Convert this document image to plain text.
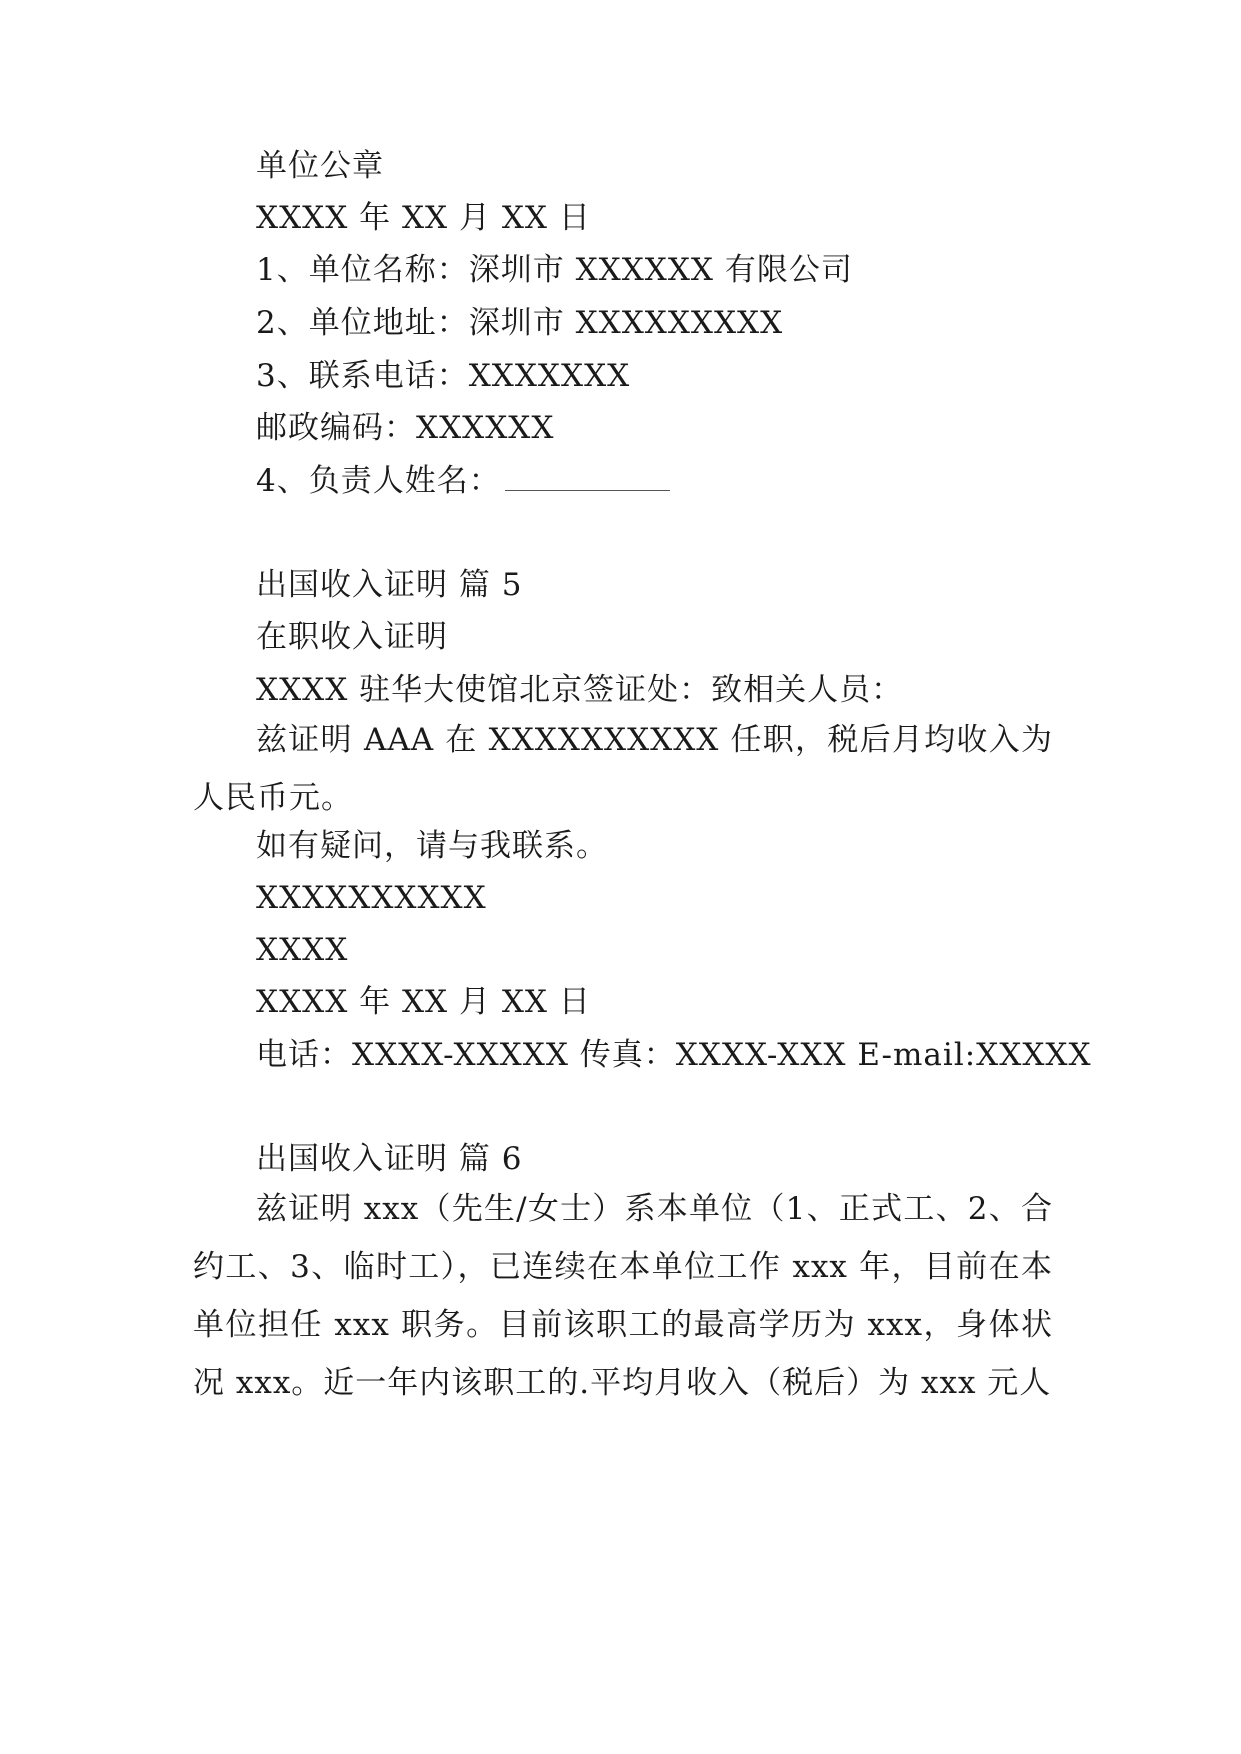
单位公章
XXXX 年 XX 月 XX 日
1、单位名称：深圳市 XXXXXX 有限公司
2、单位地址：深圳市 XXXXXXXXX
3、联系电话：XXXXXXX
邮政编码：XXXXXX
4、负责人姓名：
出国收入证明 篇 5
在职收入证明
XXXX 驻华大使馆北京签证处：致相关人员：
兹证明 AAA 在 XXXXXXXXXX 任职，税后月均收入为人民币元。
如有疑问，请与我联系。
XXXXXXXXXX
XXXX
XXXX 年 XX 月 XX 日
电话：XXXX-XXXXX 传真：XXXX-XXX E-mail:XXXXX
出国收入证明 篇 6
兹证明 xxx（先生/女士）系本单位（1、正式工、2、合约工、3、临时工），已连续在本单位工作 xxx 年，目前在本单位担任 xxx 职务。目前该职工的最高学历为 xxx，身体状况 xxx。近一年内该职工的.平均月收入（税后）为 xxx 元人
